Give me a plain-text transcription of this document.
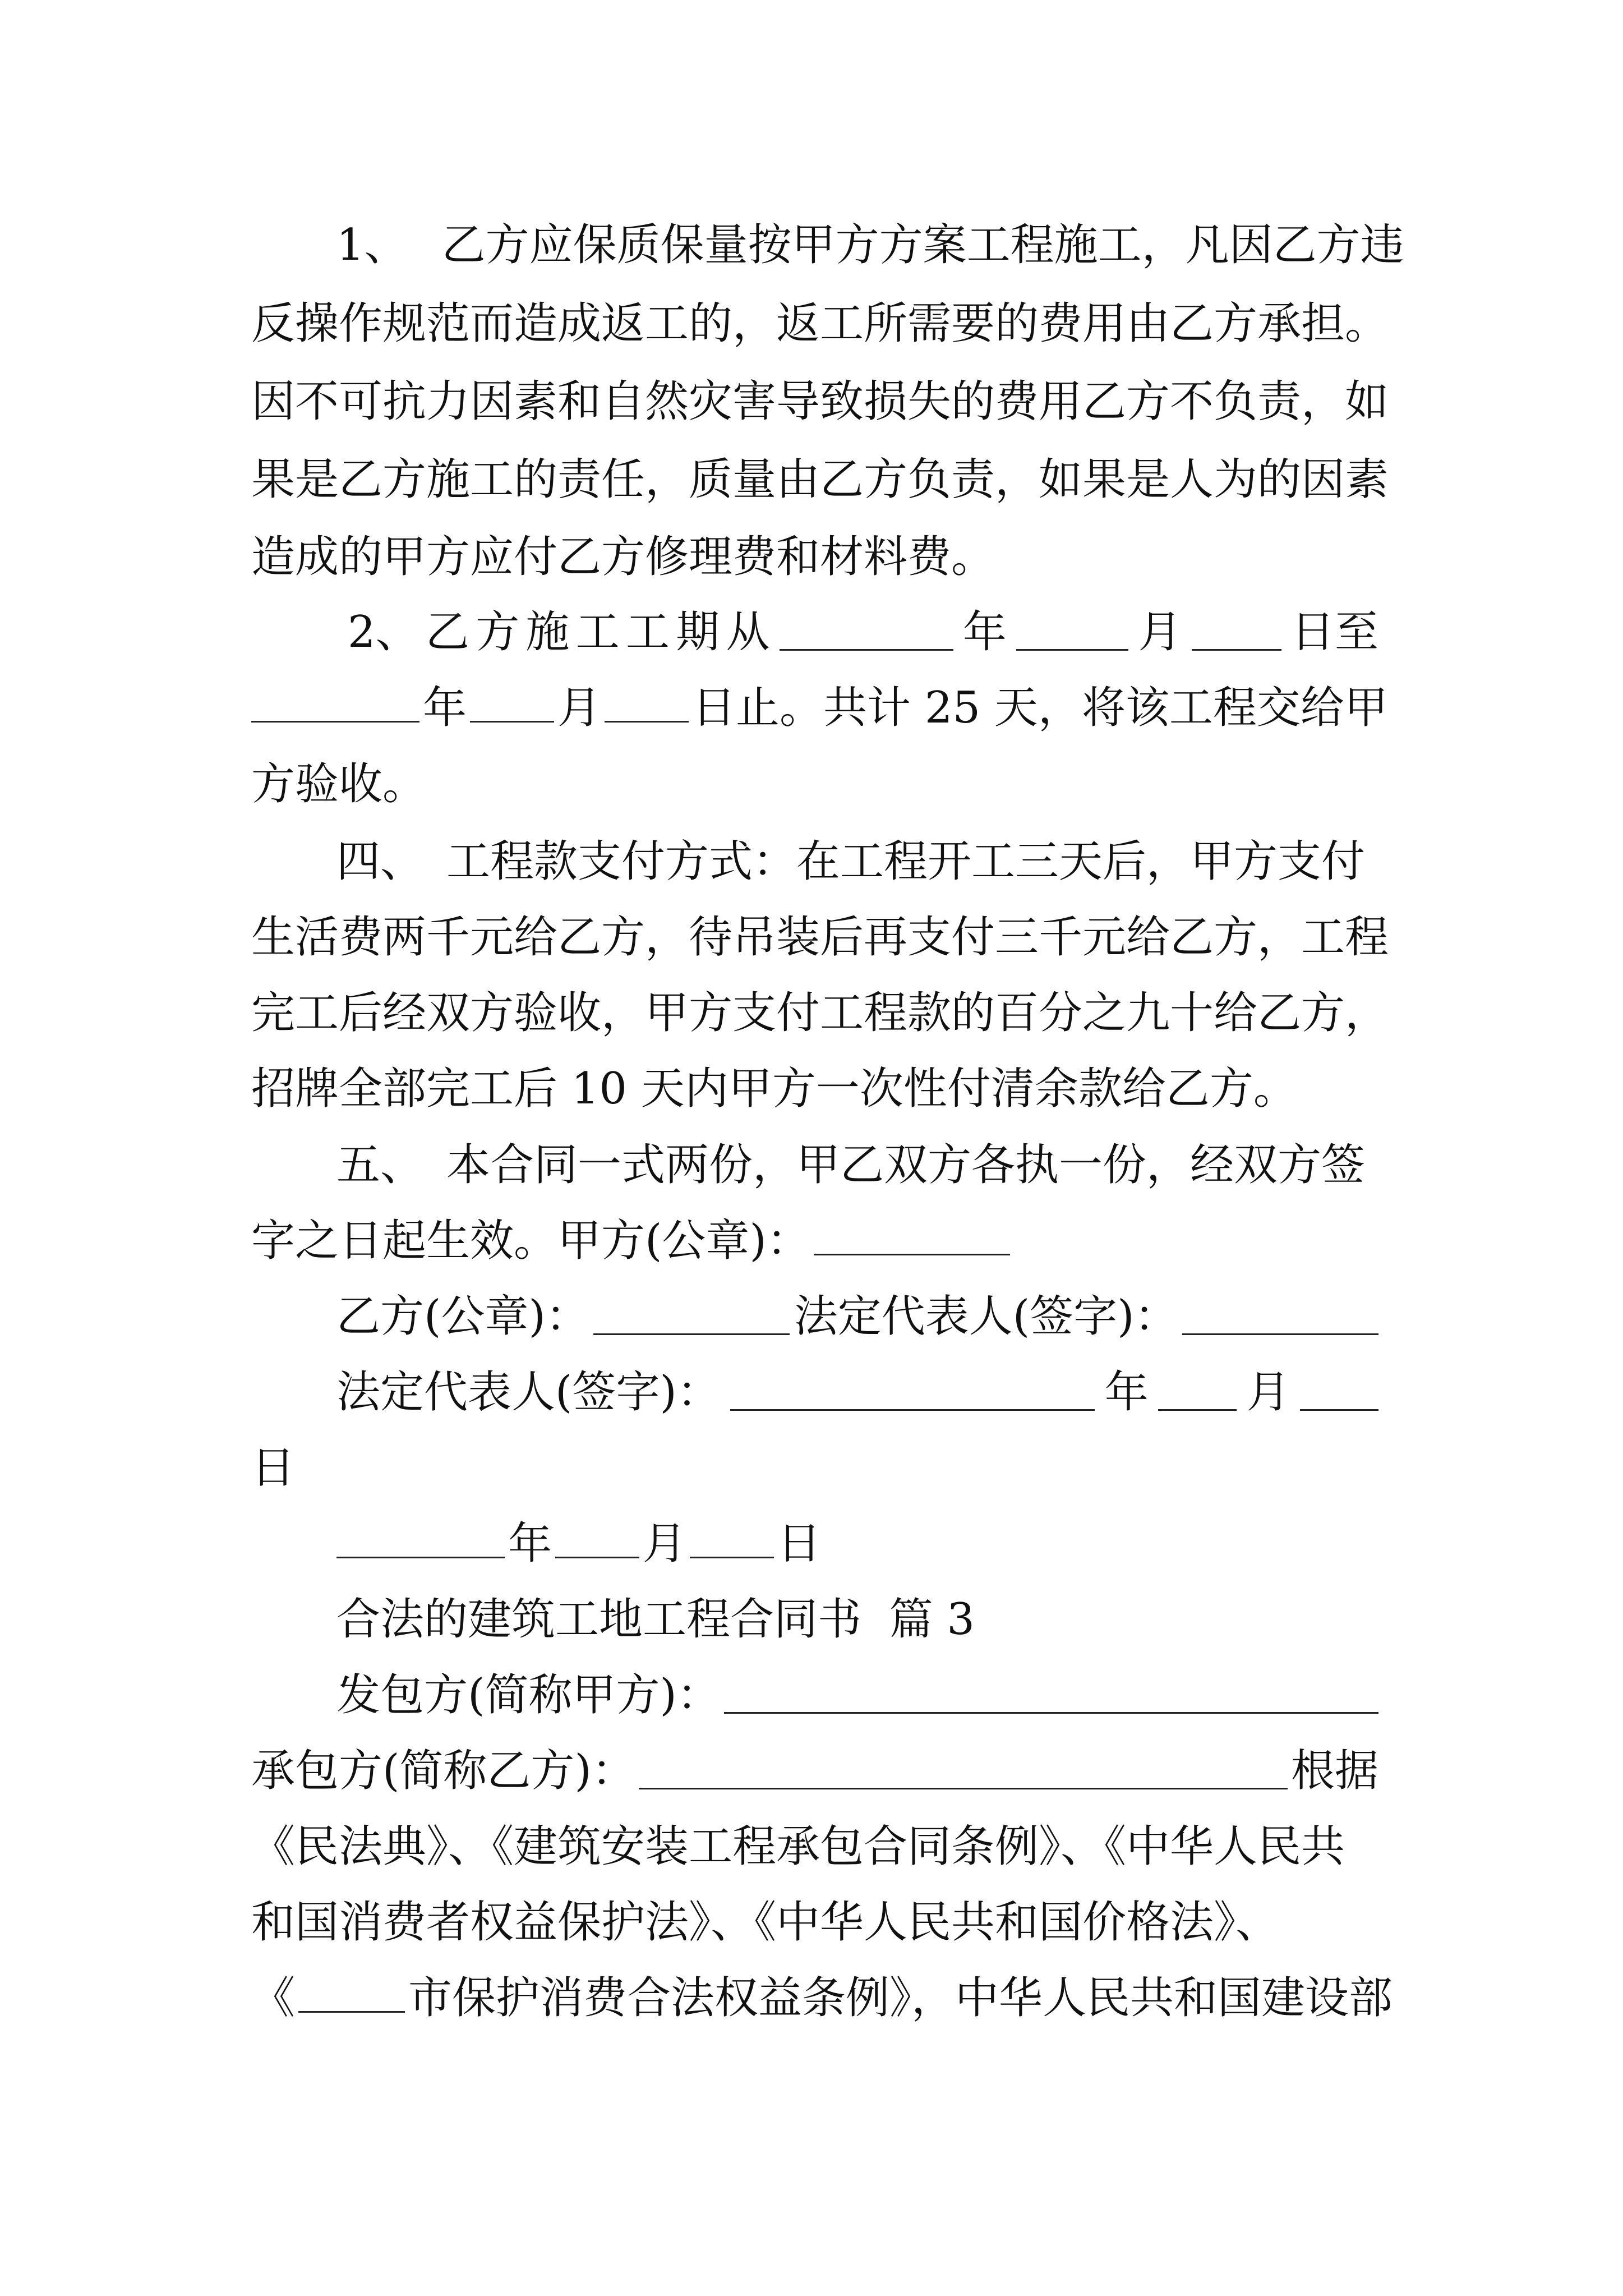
1、 乙方应保质保量按甲方方案工程施工，凡因乙方违
反操作规范而造成返工的，返工所需要的费用由乙方承担。
因不可抗力因素和自然灾害导致损失的费用乙方不负责，如
果是乙方施工的责任，质量由乙方负责，如果是人为的因素
造成的甲方应付乙方修理费和材料费。
2、 乙 方 施 工 工 期 从	年	月 日至
年 月 日止。共计 25 天，将该工程交给甲
方验收。
四、 工程款支付方式：在工程开工三天后，甲方支付
生活费两千元给乙方，待吊装后再支付三千元给乙方，工程
完工后经双方验收，甲方支付工程款的百分之九十给乙方，
招牌全部完工后 10 天内甲方一次性付清余款给乙方。
五、 本合同一式两份，甲乙双方各执一份，经双方签
字之日起生效。甲方(公章)：
乙方(公章)：	法定代表人(签字)：
法定代表人(签字)：	年 月
日
年 月 日
合法的建筑工地工程合同书  篇 3
发包方(简称甲方)：
承包方(简称乙方)：	根据
《民法典》、《建筑安装工程承包合同条例》、《中华人民共
和国消费者权益保护法》、《中华人民共和国价格法》、
《	市保护消费合法权益条例》，中华人民共和国建设部
